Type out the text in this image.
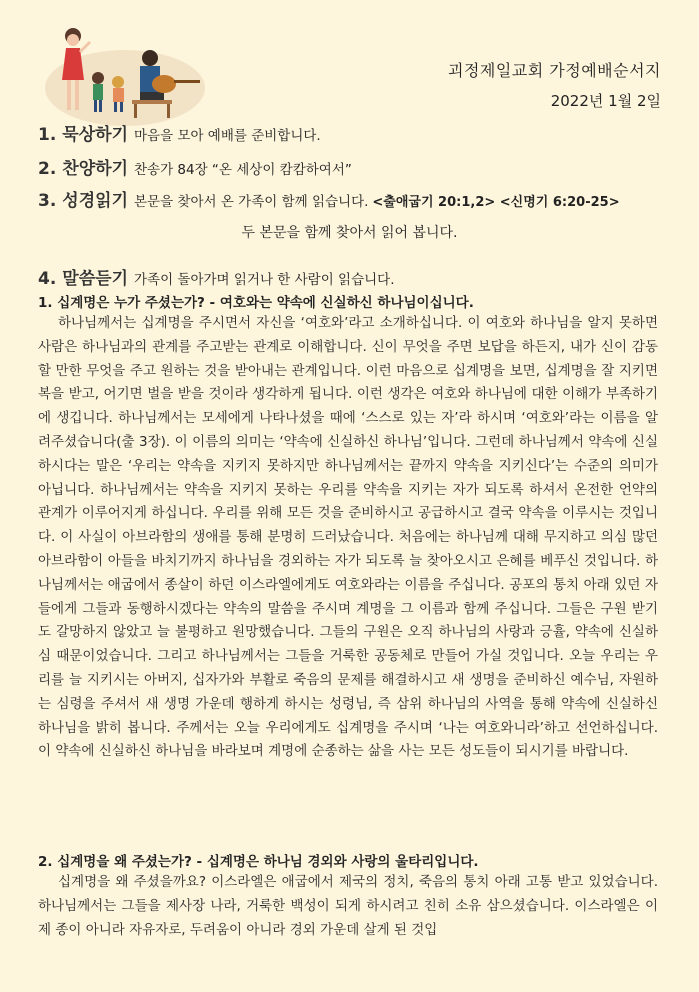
괴정제일교회 가정예배순서지
2022년 1월 2일
1. 묵상하기 마음을 모아 예배를 준비합니다.
2. 찬양하기 찬송가 84장 “온 세상이 캄캄하여서”
3. 성경읽기 본문을 찾아서 온 가족이 함께 읽습니다. <출애굽기 20:1,2> <신명기 6:20-25>
두 본문을 함께 찾아서 읽어 봅니다.
4. 말씀듣기 가족이 돌아가며 읽거나 한 사람이 읽습니다.
1. 십계명은 누가 주셨는가? - 여호와는 약속에 신실하신 하나님이십니다.
하나님께서는 십계명을 주시면서 자신을 ‘여호와’라고 소개하십니다. 이 여호와 하나님을 알지 못하면 사람은 하나님과의 관계를 주고받는 관계로 이해합니다. 신이 무엇을 주면 보답을 하든지, 내가 신이 감동할 만한 무엇을 주고 원하는 것을 받아내는 관계입니다. 이런 마음으로 십계명을 보면, 십계명을 잘 지키면 복을 받고, 어기면 벌을 받을 것이라 생각하게 됩니다. 이런 생각은 여호와 하나님에 대한 이해가 부족하기에 생깁니다. 하나님께서는 모세에게 나타나셨을 때에 ‘스스로 있는 자’라 하시며 ‘여호와’라는 이름을 알려주셨습니다(출 3장). 이 이름의 의미는 ‘약속에 신실하신 하나님’입니다. 그런데 하나님께서 약속에 신실하시다는 말은 ‘우리는 약속을 지키지 못하지만 하나님께서는 끝까지 약속을 지키신다’는 수준의 의미가 아닙니다. 하나님께서는 약속을 지키지 못하는 우리를 약속을 지키는 자가 되도록 하셔서 온전한 언약의 관계가 이루어지게 하십니다. 우리를 위해 모든 것을 준비하시고 공급하시고 결국 약속을 이루시는 것입니다. 이 사실이 아브라함의 생애를 통해 분명히 드러났습니다. 처음에는 하나님께 대해 무지하고 의심 많던 아브라함이 아들을 바치기까지 하나님을 경외하는 자가 되도록 늘 찾아오시고 은혜를 베푸신 것입니다. 하나님께서는 애굽에서 종살이 하던 이스라엘에게도 여호와라는 이름을 주십니다. 공포의 통치 아래 있던 자들에게 그들과 동행하시겠다는 약속의 말씀을 주시며 계명을 그 이름과 함께 주십니다. 그들은 구원 받기도 갈망하지 않았고 늘 불평하고 원망했습니다. 그들의 구원은 오직 하나님의 사랑과 긍휼, 약속에 신실하심 때문이었습니다. 그리고 하나님께서는 그들을 거룩한 공동체로 만들어 가실 것입니다. 오늘 우리는 우리를 늘 지키시는 아버지, 십자가와 부활로 죽음의 문제를 해결하시고 새 생명을 준비하신 예수님, 자원하는 심령을 주셔서 새 생명 가운데 행하게 하시는 성령님, 즉 삼위 하나님의 사역을 통해 약속에 신실하신 하나님을 밝히 봅니다. 주께서는 오늘 우리에게도 십계명을 주시며 ‘나는 여호와니라’하고 선언하십니다. 이 약속에 신실하신 하나님을 바라보며 계명에 순종하는 삶을 사는 모든 성도들이 되시기를 바랍니다.
2. 십계명을 왜 주셨는가? - 십계명은 하나님 경외와 사랑의 울타리입니다.
십계명을 왜 주셨을까요? 이스라엘은 애굽에서 제국의 정치, 죽음의 통치 아래 고통 받고 있었습니다. 하나님께서는 그들을 제사장 나라, 거룩한 백성이 되게 하시려고 친히 소유 삼으셨습니다. 이스라엘은 이제 종이 아니라 자유자로, 두려움이 아니라 경외 가운데 살게 된 것입
